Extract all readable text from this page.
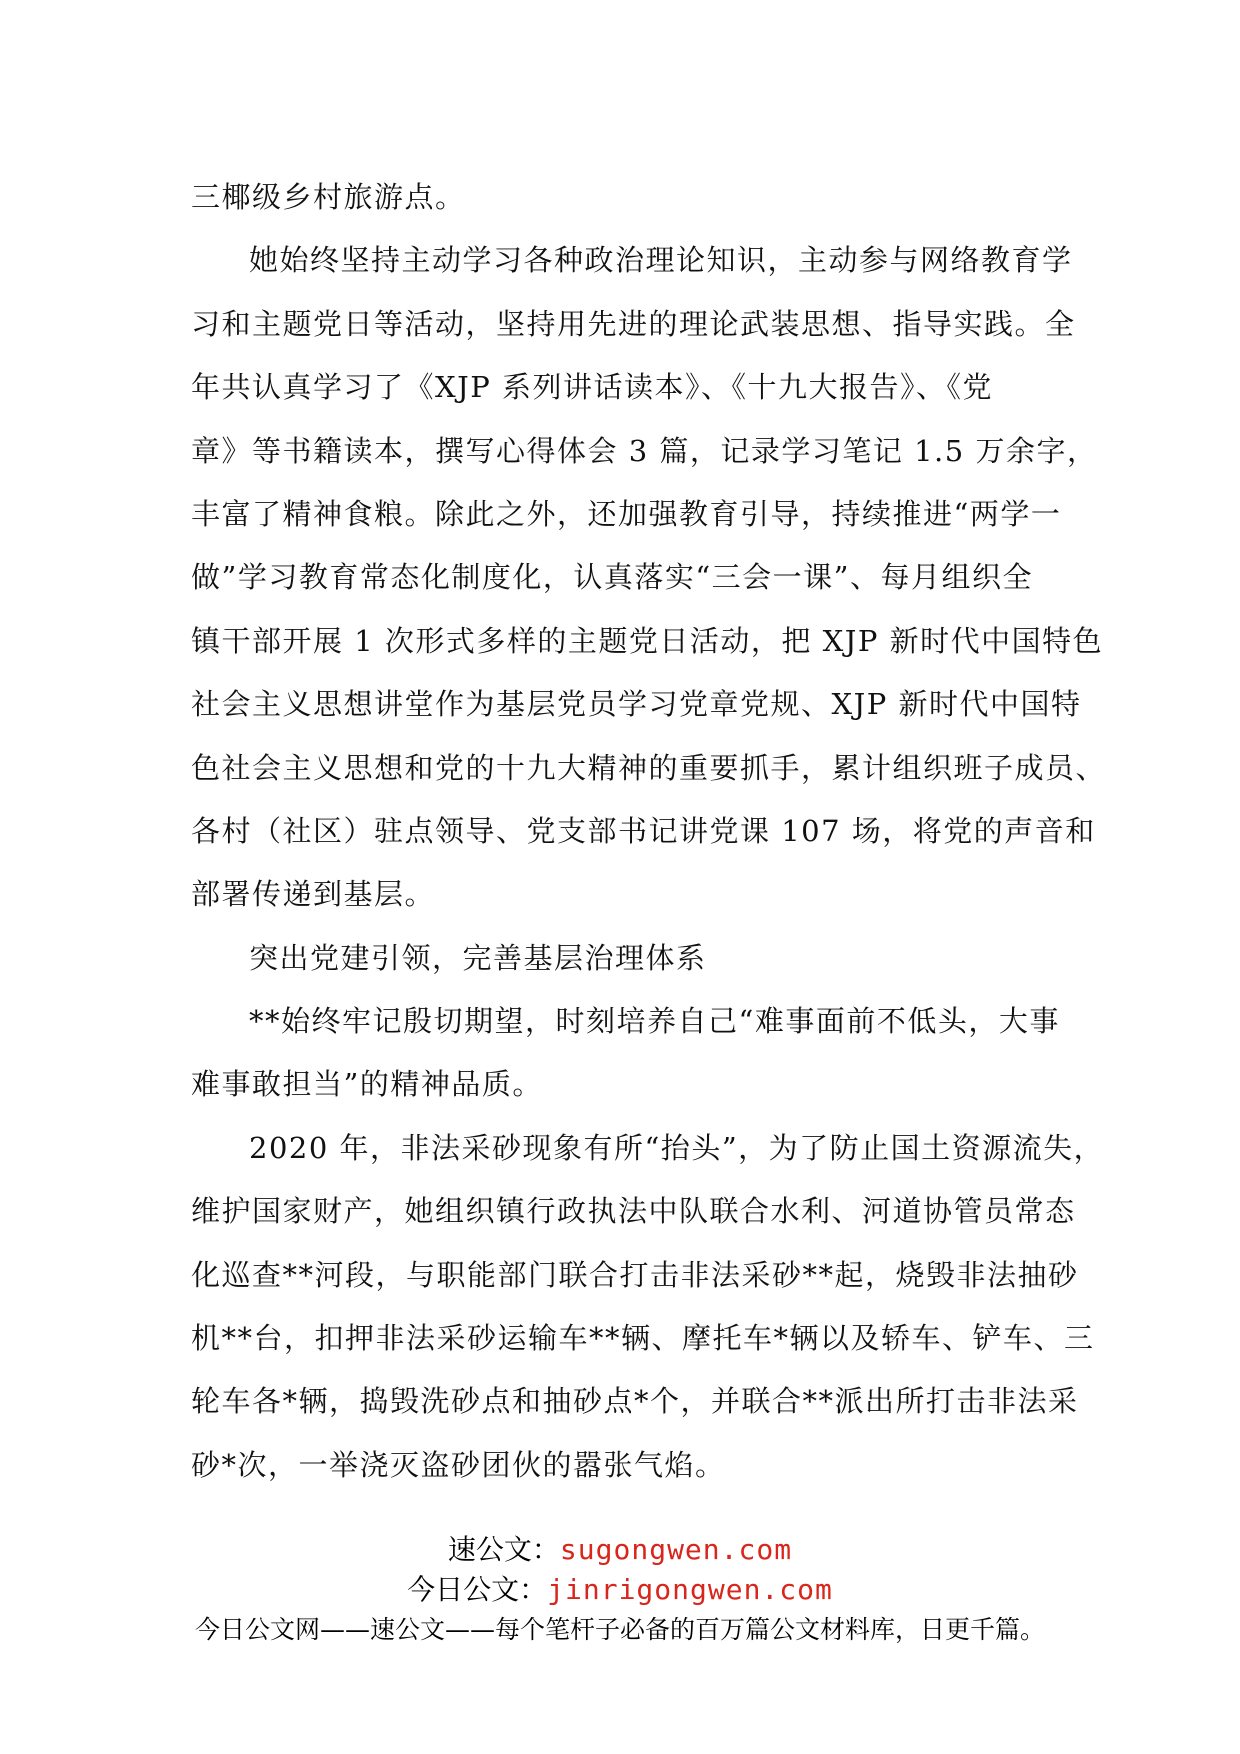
三椰级乡村旅游点。
她始终坚持主动学习各种政治理论知识，主动参与网络教育学
习和主题党日等活动，坚持用先进的理论武装思想、指导实践。全
年共认真学习了《XJP 系列讲话读本》、《十九大报告》、《党
章》等书籍读本，撰写心得体会 3 篇，记录学习笔记 1.5 万余字，
丰富了精神食粮。除此之外，还加强教育引导，持续推进“两学一
做”学习教育常态化制度化，认真落实“三会一课”、每月组织全
镇干部开展 1 次形式多样的主题党日活动，把 XJP 新时代中国特色
社会主义思想讲堂作为基层党员学习党章党规、XJP 新时代中国特
色社会主义思想和党的十九大精神的重要抓手，累计组织班子成员、
各村（社区）驻点领导、党支部书记讲党课 107 场，将党的声音和
部署传递到基层。
突出党建引领，完善基层治理体系
**始终牢记殷切期望，时刻培养自己“难事面前不低头，大事
难事敢担当”的精神品质。
2020 年，非法采砂现象有所“抬头”，为了防止国土资源流失，
维护国家财产，她组织镇行政执法中队联合水利、河道协管员常态
化巡查**河段，与职能部门联合打击非法采砂**起，烧毁非法抽砂
机**台，扣押非法采砂运输车**辆、摩托车*辆以及轿车、铲车、三
轮车各*辆，捣毁洗砂点和抽砂点*个，并联合**派出所打击非法采
砂*次，一举浇灭盗砂团伙的嚣张气焰。
速公文：sugongwen.com
今日公文：jinrigongwen.com
今日公文网——速公文——每个笔杆子必备的百万篇公文材料库，日更千篇。
